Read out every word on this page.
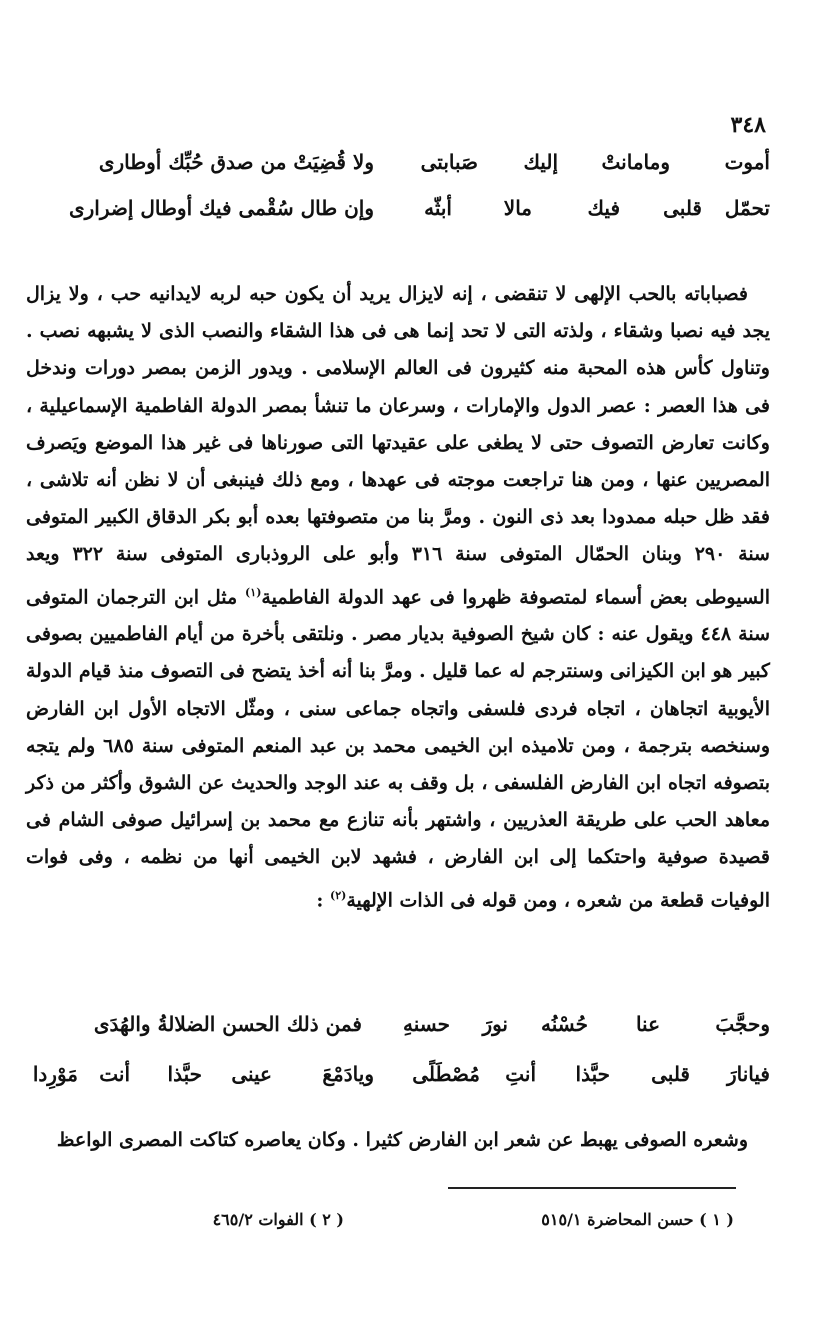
٣٤٨
أموت
ومامانتْ
إليك
صَبابتى
ولا قُضِيَتْ من صدق حُبِّك أوطارى
تحمّل
قلبى
فيك
مالا
أبثّه
وإن طال سُقْمى فيك أوطال إضرارى
فصباباته بالحب الإلهى لا تنقضى ، إنه لايزال يريد أن يكون حبه لربه لايدانيه حب ، ولا يزال يجد فيه نصبا وشقاء ، ولذته التى لا تحد إنما هى فى هذا الشقاء والنصب الذى لا يشبهه نصب . وتناول كأس هذه المحبة منه كثيرون فى العالم الإسلامى . ويدور الزمن بمصر دورات وندخل فى هذا العصر : عصر الدول والإمارات ، وسرعان ما تنشأ بمصر الدولة الفاطمية الإسماعيلية ، وكانت تعارض التصوف حتى لا يطغى على عقيدتها التى صورناها فى غير هذا الموضع ويَصرف المصريين عنها ، ومن هنا تراجعت موجته فى عهدها ، ومع ذلك فينبغى أن لا نظن أنه تلاشى ، فقد ظل حبله ممدودا بعد ذى النون . ومرَّ بنا من متصوفتها بعده أبو بكر الدقاق الكبير المتوفى سنة ٢٩٠ وبنان الحمّال المتوفى سنة ٣١٦ وأبو على الروذبارى المتوفى سنة ٣٢٢ ويعد السيوطى بعض أسماء لمتصوفة ظهروا فى عهد الدولة الفاطمية$^{(١)}$ مثل ابن الترجمان المتوفى سنة ٤٤٨ ويقول عنه : كان شيخ الصوفية بديار مصر . ونلتقى بأخرة من أيام الفاطميين بصوفى كبير هو ابن الكيزانى وسنترجم له عما قليل . ومرَّ بنا أنه أخذ يتضح فى التصوف منذ قيام الدولة الأيوبية اتجاهان ، اتجاه فردى فلسفى واتجاه جماعى سنى ، ومثّل الاتجاه الأول ابن الفارض وسنخصه بترجمة ، ومن تلاميذه ابن الخيمى محمد بن عبد المنعم المتوفى سنة ٦٨٥ ولم يتجه بتصوفه اتجاه ابن الفارض الفلسفى ، بل وقف به عند الوجد والحديث عن الشوق وأكثر من ذكر معاهد الحب على طريقة العذريين ، واشتهر بأنه تنازع مع محمد بن إسرائيل صوفى الشام فى قصيدة صوفية واحتكما إلى ابن الفارض ، فشهد لابن الخيمى أنها من نظمه ، وفى فوات الوفيات قطعة من شعره ، ومن قوله فى الذات الإلهية$^{(٢)}$ :
وحجَّبَ
عنا
حُسْنُه
نورَ
حسنهِ
فمن ذلك الحسن الضلالةُ والهُدَى
فيانارَ
قلبى
حبَّذا
أنتِ
مُصْطَلًى
ويادَمْعَ
عينى
حبَّذا
أنت
مَوْرِدا
وشعره الصوفى يهبط عن شعر ابن الفارض كثيرا . وكان يعاصره كتاكت المصرى الواعظ
( ١ ) حسن المحاضرة ٥١٥/١
( ٢ ) الفوات ٤٦٥/٢
